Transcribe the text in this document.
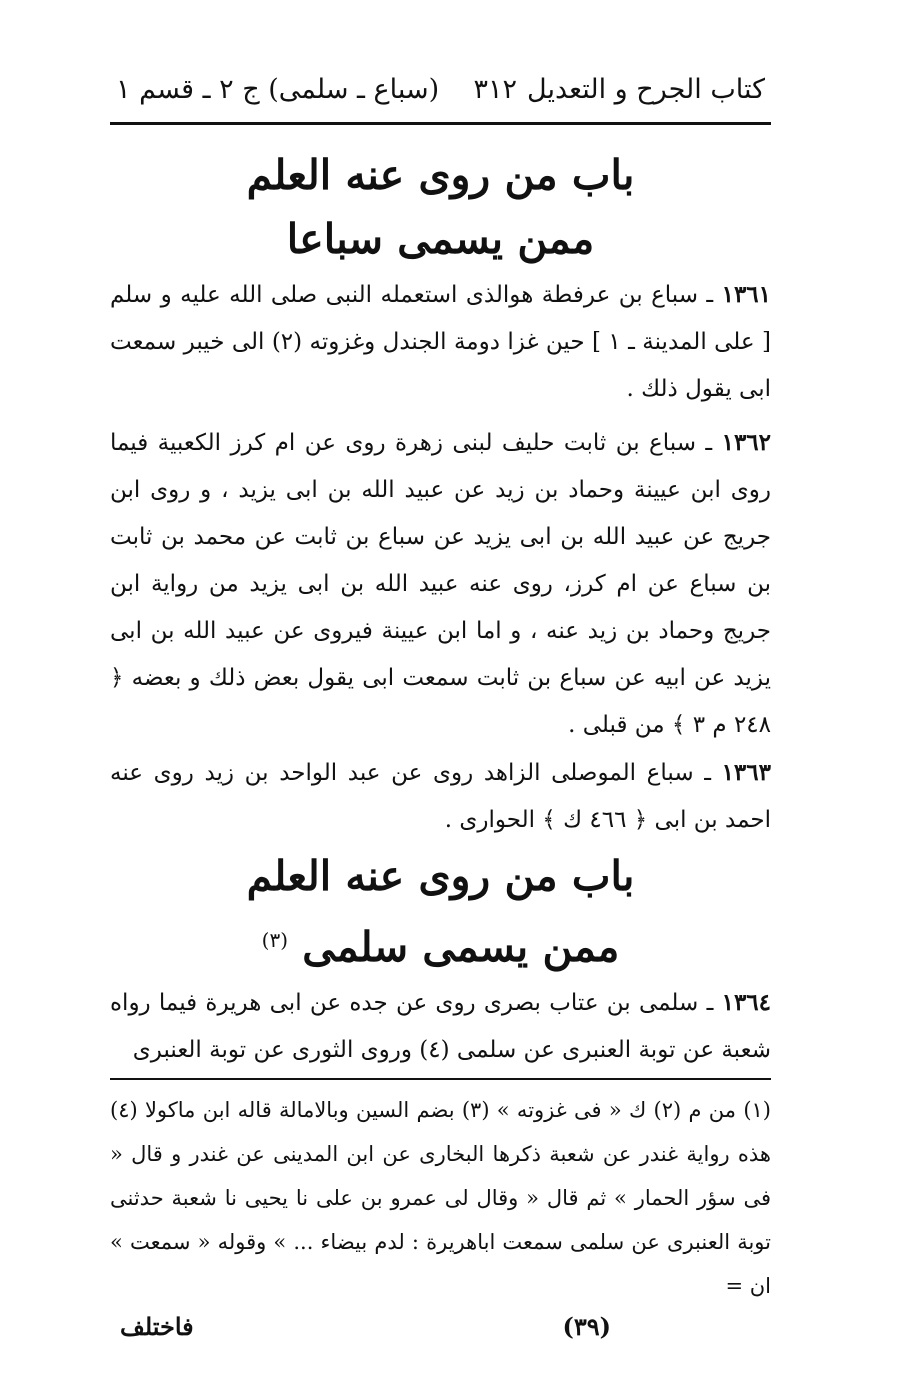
كتاب الجرح و التعديل
٣١٢    (سباع ـ سلمى) ج ٢ ـ قسم ١
باب من روى عنه العلم
ممن يسمى سباعا

١٣٦١ ـ سباع بن عرفطة هوالذى استعمله النبى صلى الله عليه و سلم [ على المدينة ـ ١ ] حين غزا دومة الجندل وغزوته (٢) الى خيبر سمعت ابى يقول ذلك .

١٣٦٢ ـ سباع بن ثابت حليف لبنى زهرة روى عن ام كرز الكعبية فيما روى ابن عيينة وحماد بن زيد عن عبيد الله بن ابى يزيد ، و روى ابن جريج عن عبيد الله بن ابى يزيد عن سباع بن ثابت عن محمد بن ثابت بن سباع عن ام كرز، روى عنه عبيد الله بن ابى يزيد من رواية ابن جريج وحماد بن زيد عنه ، و اما ابن عيينة فيروى عن عبيد الله بن ابى يزيد عن ابيه عن سباع بن ثابت سمعت ابى يقول بعض ذلك و بعضه ﴿ ٢٤٨ م ٣ ﴾ من قبلى .

١٣٦٣ ـ سباع الموصلى الزاهد روى عن عبد الواحد بن زيد روى عنه احمد بن ابى ﴿ ٤٦٦ ك ﴾ الحوارى .

باب من روى عنه العلم
ممن يسمى سلمى $^{(٣)}$

١٣٦٤ ـ سلمى بن عتاب بصرى روى عن جده عن ابى هريرة فيما رواه شعبة عن توبة العنبرى عن سلمى (٤) وروى الثورى عن توبة العنبرى

(١) من م (٢) ك « فى غزوته » (٣) بضم السين وبالامالة قاله ابن ماكولا (٤) هذه رواية غندر عن شعبة ذكرها البخارى عن ابن المدينى عن غندر و قال « فى سؤر الحمار » ثم قال « وقال لى عمرو بن على نا يحيى نا شعبة حدثنى توبة العنبرى عن سلمى سمعت اباهريرة : لدم بيضاء ... » وقوله « سمعت » ان =
(٣٩)
فاختلف
